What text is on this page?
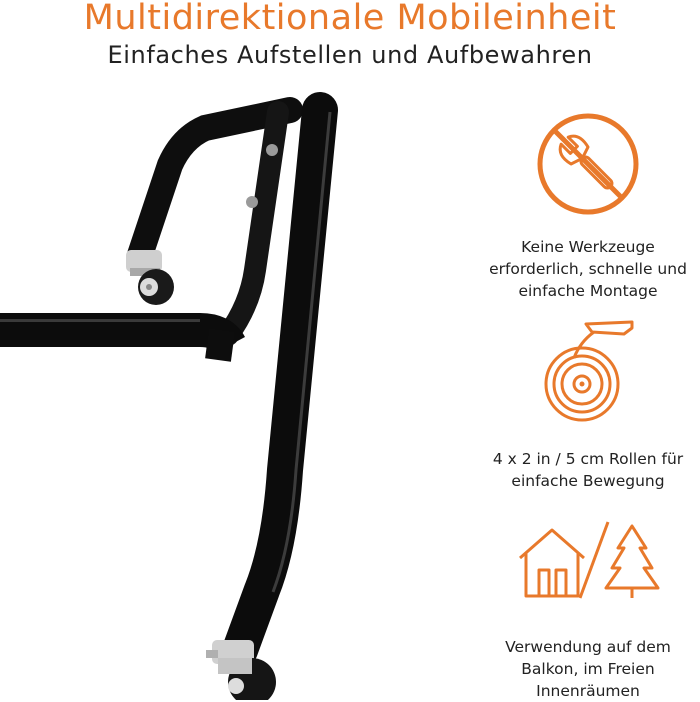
Multidirektionale Mobileinheit
Einfaches Aufstellen und Aufbewahren
Keine Werkzeuge
erforderlich, schnelle und
einfache Montage
4 x 2 in / 5 cm Rollen für
einfache Bewegung
Verwendung auf dem
Balkon, im Freien
Innenräumen
